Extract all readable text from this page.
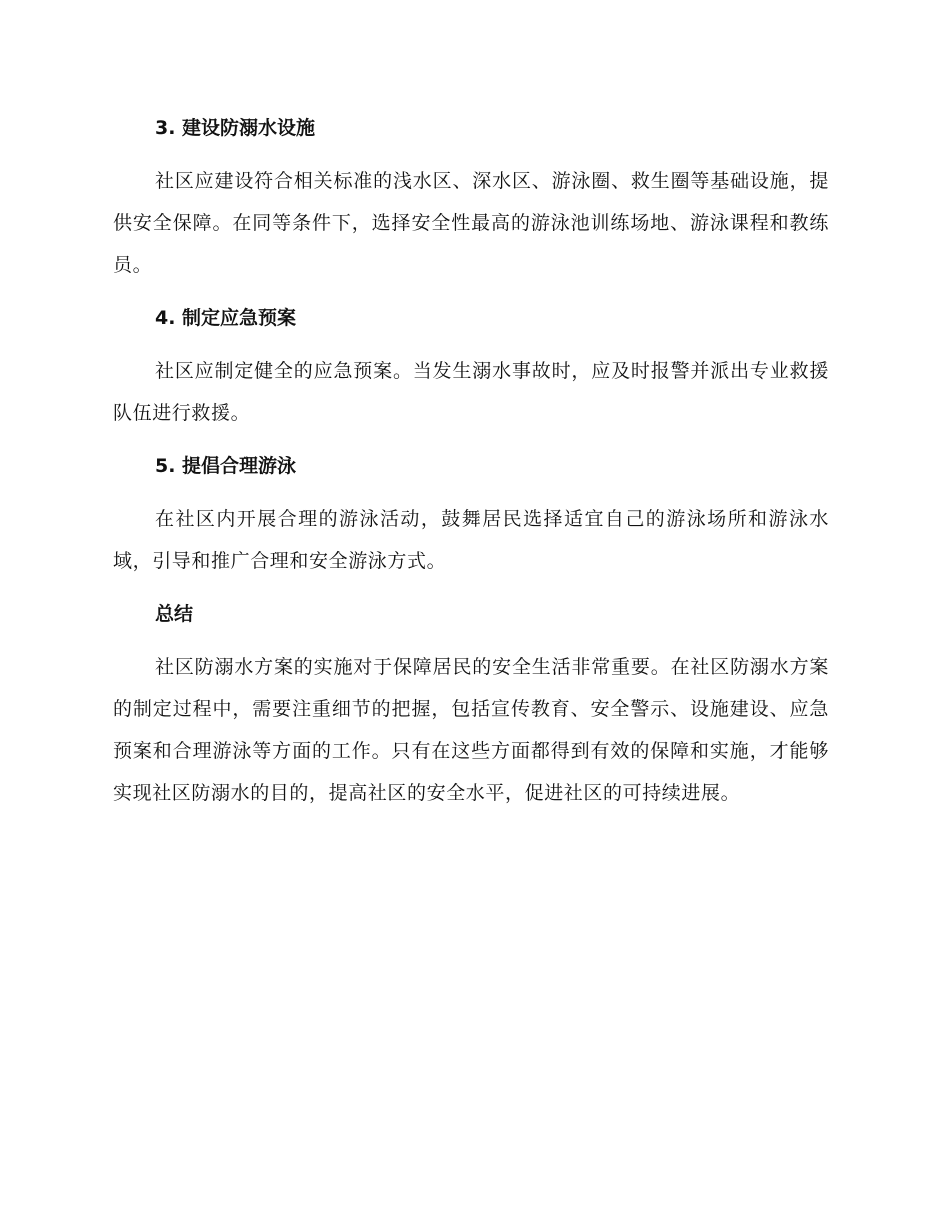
3. 建设防溺水设施

社区应建设符合相关标准的浅水区、深水区、游泳圈、救生圈等基础设施，提供安全保障。在同等条件下，选择安全性最高的游泳池训练场地、游泳课程和教练员。

4. 制定应急预案

社区应制定健全的应急预案。当发生溺水事故时，应及时报警并派出专业救援队伍进行救援。

5. 提倡合理游泳

在社区内开展合理的游泳活动，鼓舞居民选择适宜自己的游泳场所和游泳水域，引导和推广合理和安全游泳方式。

总结

社区防溺水方案的实施对于保障居民的安全生活非常重要。在社区防溺水方案的制定过程中，需要注重细节的把握，包括宣传教育、安全警示、设施建设、应急预案和合理游泳等方面的工作。只有在这些方面都得到有效的保障和实施，才能够实现社区防溺水的目的，提高社区的安全水平，促进社区的可持续进展。
